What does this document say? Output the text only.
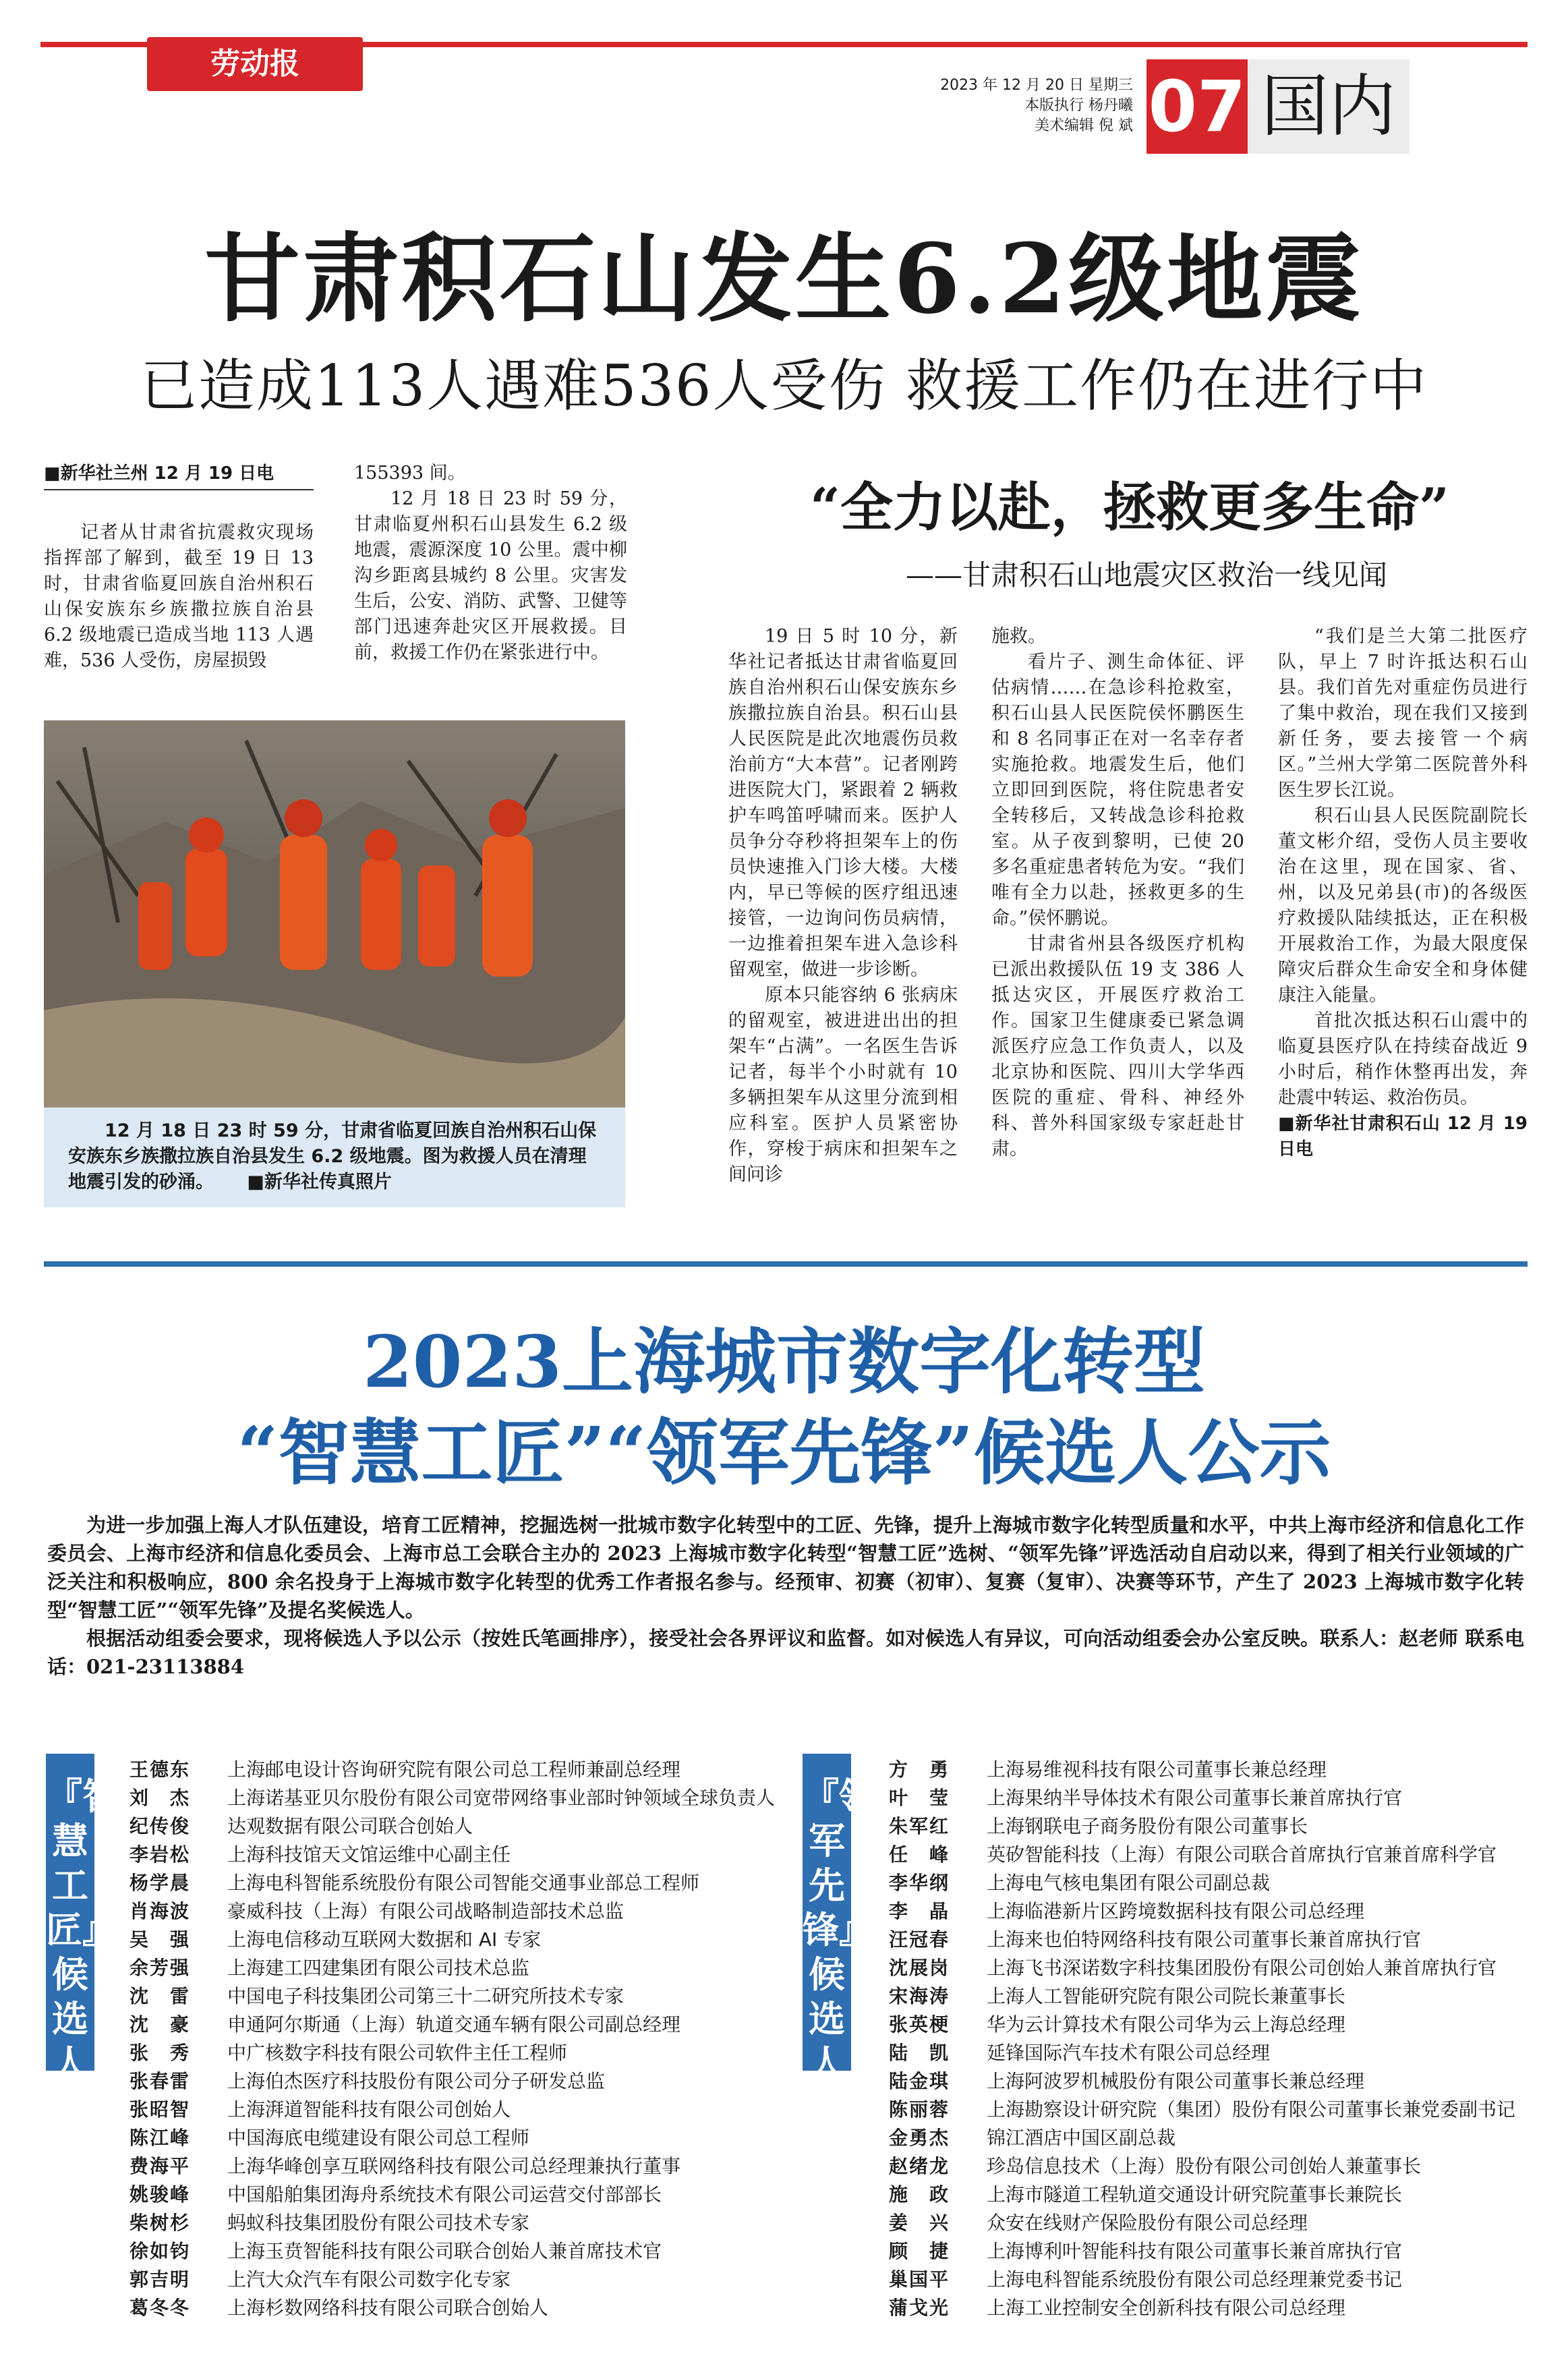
劳动报
2023 年 12 月 20 日 星期三
本版执行 杨丹曦
美术编辑 倪 斌 07 国内
甘肃积石山发生6.2级地震
已造成113人遇难536人受伤 救援工作仍在进行中
■新华社兰州 12 月 19 日电

记者从甘肃省抗震救灾现场指挥部了解到，截至 19 日 13 时，甘肃省临夏回族自治州积石山保安族东乡族撒拉族自治县 6.2 级地震已造成当地 113 人遇难，536 人受伤，房屋损毁

155393 间。

12 月 18 日 23 时 59 分，甘肃临夏州积石山县发生 6.2 级地震，震源深度 10 公里。震中柳沟乡距离县城约 8 公里。灾害发生后，公安、消防、武警、卫健等部门迅速奔赴灾区开展救援。目前，救援工作仍在紧张进行中。

12 月 18 日 23 时 59 分，甘肃省临夏回族自治州积石山保安族东乡族撒拉族自治县发生 6.2 级地震。图为救援人员在清理地震引发的砂涌。 ■新华社传真照片

“全力以赴，拯救更多生命”
——甘肃积石山地震灾区救治一线见闻

19 日 5 时 10 分，新华社记者抵达甘肃省临夏回族自治州积石山保安族东乡族撒拉族自治县。积石山县人民医院是此次地震伤员救治前方“大本营”。记者刚跨进医院大门，紧跟着 2 辆救护车鸣笛呼啸而来。医护人员争分夺秒将担架车上的伤员快速推入门诊大楼。大楼内，早已等候的医疗组迅速接管，一边询问伤员病情，一边推着担架车进入急诊科留观室，做进一步诊断。

原本只能容纳 6 张病床的留观室，被进进出出的担架车“占满”。一名医生告诉记者，每半个小时就有 10 多辆担架车从这里分流到相应科室。医护人员紧密协作，穿梭于病床和担架车之间问诊

施救。

看片子、测生命体征、评估病情……在急诊科抢救室，积石山县人民医院侯怀鹏医生和 8 名同事正在对一名幸存者实施抢救。地震发生后，他们立即回到医院，将住院患者安全转移后，又转战急诊科抢救室。从子夜到黎明，已使 20 多名重症患者转危为安。“我们唯有全力以赴，拯救更多的生命。”侯怀鹏说。

甘肃省州县各级医疗机构已派出救援队伍 19 支 386 人抵达灾区，开展医疗救治工作。国家卫生健康委已紧急调派医疗应急工作负责人，以及北京协和医院、四川大学华西医院的重症、骨科、神经外科、普外科国家级专家赶赴甘肃。

“我们是兰大第二批医疗队，早上 7 时许抵达积石山县。我们首先对重症伤员进行了集中救治，现在我们又接到新任务，要去接管一个病区。”兰州大学第二医院普外科医生罗长江说。

积石山县人民医院副院长董文彬介绍，受伤人员主要收治在这里，现在国家、省、州，以及兄弟县(市)的各级医疗救援队陆续抵达，正在积极开展救治工作，为最大限度保障灾后群众生命安全和身体健康注入能量。

首批次抵达积石山震中的临夏县医疗队在持续奋战近 9 小时后，稍作休整再出发，奔赴震中转运、救治伤员。

■新华社甘肃积石山 12 月 19 日电

2023上海城市数字化转型
“智慧工匠”“领军先锋”候选人公示

为进一步加强上海人才队伍建设，培育工匠精神，挖掘选树一批城市数字化转型中的工匠、先锋，提升上海城市数字化转型质量和水平，中共上海市经济和信息化工作委员会、上海市经济和信息化委员会、上海市总工会联合主办的 2023 上海城市数字化转型“智慧工匠”选树、“领军先锋”评选活动自启动以来，得到了相关行业领域的广泛关注和积极响应，800 余名投身于上海城市数字化转型的优秀工作者报名参与。经预审、初赛（初审）、复赛（复审）、决赛等环节，产生了 2023 上海城市数字化转型“智慧工匠”“领军先锋”及提名奖候选人。

根据活动组委会要求，现将候选人予以公示（按姓氏笔画排序），接受社会各界评议和监督。如对候选人有异议，可向活动组委会办公室反映。联系人：赵老师 联系电话：021-23113884

『智慧工匠』候选人
『领军先锋』候选人
王德东	上海邮电设计咨询研究院有限公司总工程师兼副总经理
刘　杰	上海诺基亚贝尔股份有限公司宽带网络事业部时钟领域全球负责人
纪传俊	达观数据有限公司联合创始人
李岩松	上海科技馆天文馆运维中心副主任
杨学晨	上海电科智能系统股份有限公司智能交通事业部总工程师
肖海波	豪威科技（上海）有限公司战略制造部技术总监
吴　强	上海电信移动互联网大数据和 AI 专家
余芳强	上海建工四建集团有限公司技术总监
沈　雷	中国电子科技集团公司第三十二研究所技术专家
沈　豪	申通阿尔斯通（上海）轨道交通车辆有限公司副总经理
张　秀	中广核数字科技有限公司软件主任工程师
张春雷	上海伯杰医疗科技股份有限公司分子研发总监
张昭智	上海湃道智能科技有限公司创始人
陈江峰	中国海底电缆建设有限公司总工程师
费海平	上海华峰创享互联网络科技有限公司总经理兼执行董事
姚骏峰	中国船舶集团海舟系统技术有限公司运营交付部部长
柴树杉	蚂蚁科技集团股份有限公司技术专家
徐如钧	上海玉贲智能科技有限公司联合创始人兼首席技术官
郭吉明	上汽大众汽车有限公司数字化专家
葛冬冬	上海杉数网络科技有限公司联合创始人
方　勇	上海易维视科技有限公司董事长兼总经理
叶　莹	上海果纳半导体技术有限公司董事长兼首席执行官
朱军红	上海钢联电子商务股份有限公司董事长
任　峰	英矽智能科技（上海）有限公司联合首席执行官兼首席科学官
李华纲	上海电气核电集团有限公司副总裁
李　晶	上海临港新片区跨境数据科技有限公司总经理
汪冠春	上海来也伯特网络科技有限公司董事长兼首席执行官
沈展岗	上海飞书深诺数字科技集团股份有限公司创始人兼首席执行官
宋海涛	上海人工智能研究院有限公司院长兼董事长
张英梗	华为云计算技术有限公司华为云上海总经理
陆　凯	延锋国际汽车技术有限公司总经理
陆金琪	上海阿波罗机械股份有限公司董事长兼总经理
陈丽蓉	上海勘察设计研究院（集团）股份有限公司董事长兼党委副书记
金勇杰	锦江酒店中国区副总裁
赵绪龙	珍岛信息技术（上海）股份有限公司创始人兼董事长
施　政	上海市隧道工程轨道交通设计研究院董事长兼院长
姜　兴	众安在线财产保险股份有限公司总经理
顾　捷	上海博利叶智能科技有限公司董事长兼首席执行官
巢国平	上海电科智能系统股份有限公司总经理兼党委书记
蒲戈光	上海工业控制安全创新科技有限公司总经理
